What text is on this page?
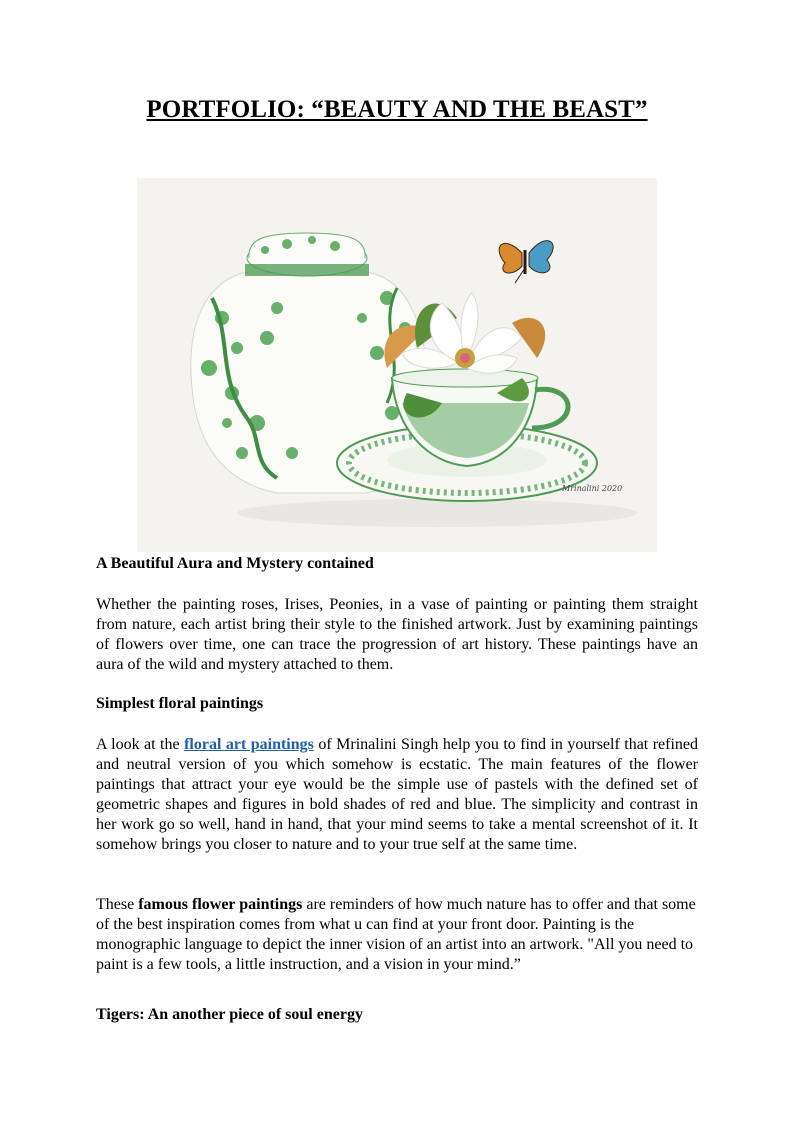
PORTFOLIO: “BEAUTY AND THE BEAST”
Mrinalini 2020

A Beautiful Aura and Mystery contained

Whether the painting roses, Irises, Peonies, in a vase of painting or painting them straight from nature, each artist bring their style to the finished artwork. Just by examining paintings of flowers over time, one can trace the progression of art history. These paintings have an aura of the wild and mystery attached to them.

Simplest floral paintings

A look at the floral art paintings of Mrinalini Singh help you to find in yourself that refined and neutral version of you which somehow is ecstatic. The main features of the flower paintings that attract your eye would be the simple use of pastels with the defined set of geometric shapes and figures in bold shades of red and blue. The simplicity and contrast in her work go so well, hand in hand, that your mind seems to take a mental screenshot of it. It somehow brings you closer to nature and to your true self at the same time.

These famous flower paintings are reminders of how much nature has to offer and that some of the best inspiration comes from what u can find at your front door. Painting is the monographic language to depict the inner vision of an artist into an artwork. "All you need to paint is a few tools, a little instruction, and a vision in your mind.”

Tigers: An another piece of soul energy
